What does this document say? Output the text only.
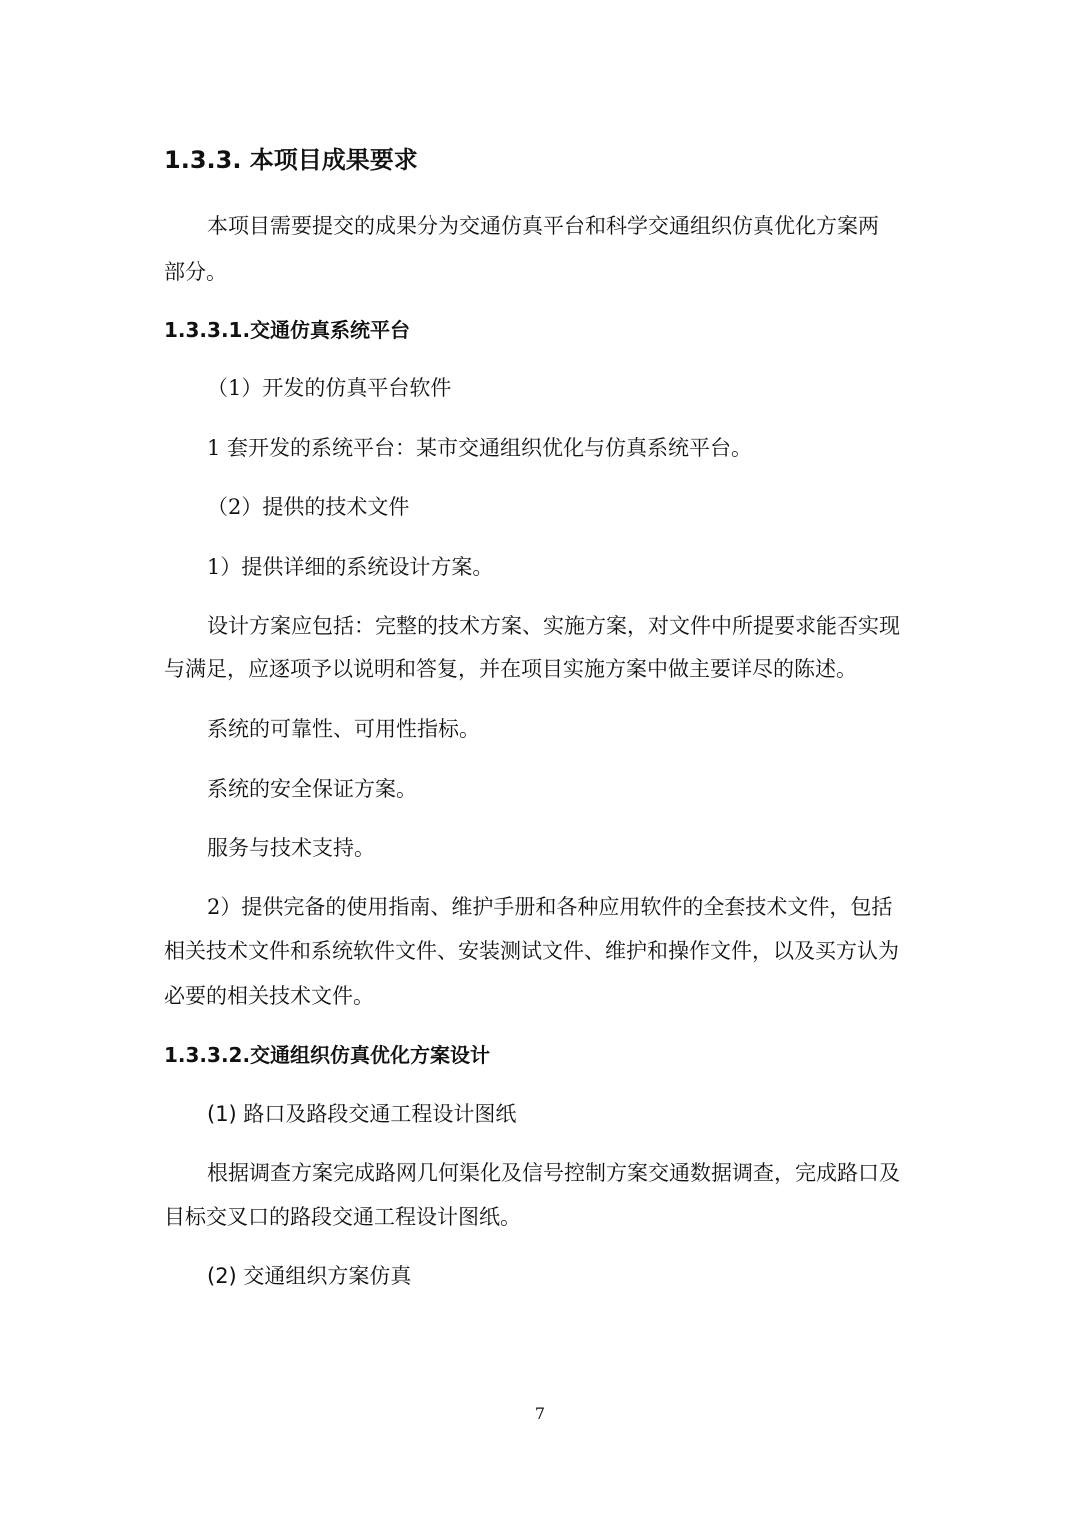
1.3.3. 本项目成果要求
本项目需要提交的成果分为交通仿真平台和科学交通组织仿真优化方案两
部分。
1.3.3.1.交通仿真系统平台
（1）开发的仿真平台软件
1 套开发的系统平台：某市交通组织优化与仿真系统平台。
（2）提供的技术文件
1）提供详细的系统设计方案。
设计方案应包括：完整的技术方案、实施方案，对文件中所提要求能否实现
与满足，应逐项予以说明和答复，并在项目实施方案中做主要详尽的陈述。
系统的可靠性、可用性指标。
系统的安全保证方案。
服务与技术支持。
2）提供完备的使用指南、维护手册和各种应用软件的全套技术文件，包括
相关技术文件和系统软件文件、安装测试文件、维护和操作文件，以及买方认为
必要的相关技术文件。
1.3.3.2.交通组织仿真优化方案设计
(1) 路口及路段交通工程设计图纸
根据调查方案完成路网几何渠化及信号控制方案交通数据调查，完成路口及
目标交叉口的路段交通工程设计图纸。
(2) 交通组织方案仿真
7
